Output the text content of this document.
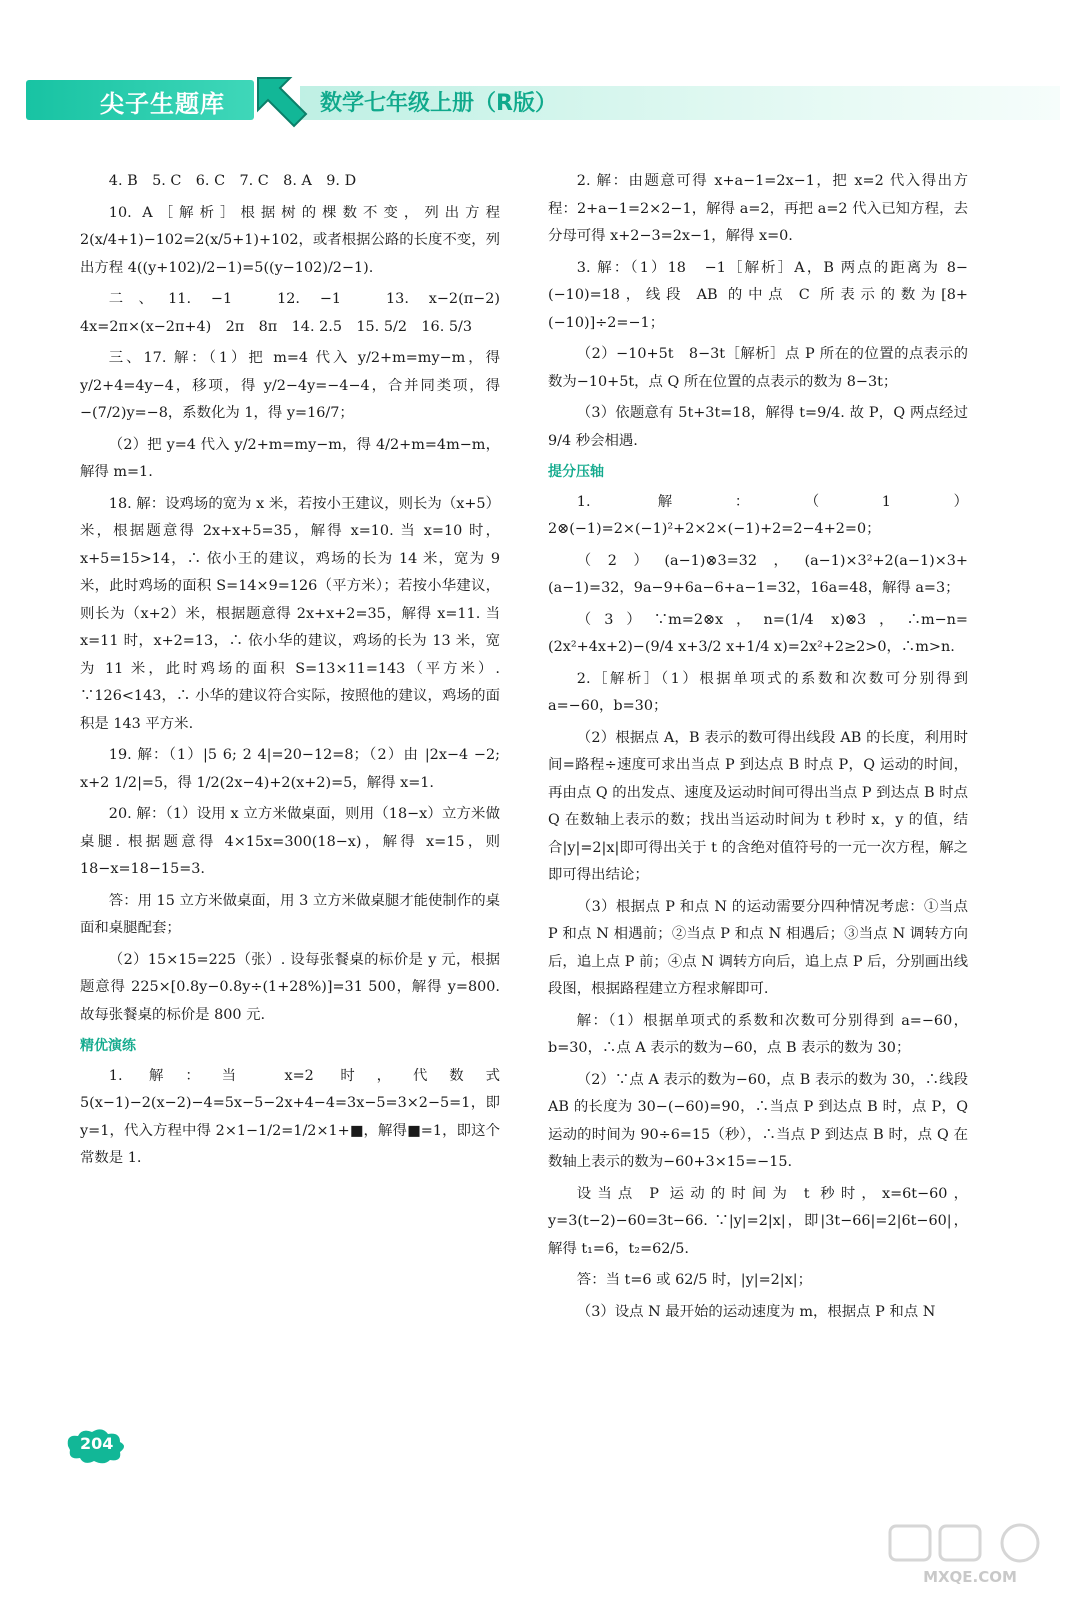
尖子生题库	数学七年级上册（R版）

4. B　5. C　6. C　7. C　8. A　9. D

10. A［解析］根据树的棵数不变，列出方程 2(x/4+1)−102=2(x/5+1)+102，或者根据公路的长度不变，列出方程 4((y+102)/2−1)=5((y−102)/2−1).

二、11. −1　12. −1　13. x−2(π−2)　4x=2π×(x−2π+4)　2π　8π　14. 2.5　15. 5/2　16. 5/3

三、17. 解：（1）把 m=4 代入 y/2+m=my−m，得 y/2+4=4y−4，移项，得 y/2−4y=−4−4，合并同类项，得 −(7/2)y=−8，系数化为 1，得 y=16/7；

（2）把 y=4 代入 y/2+m=my−m，得 4/2+m=4m−m，解得 m=1.

18. 解：设鸡场的宽为 x 米，若按小王建议，则长为（x+5）米，根据题意得 2x+x+5=35，解得 x=10. 当 x=10 时，x+5=15>14，∴ 依小王的建议，鸡场的长为 14 米，宽为 9 米，此时鸡场的面积 S=14×9=126（平方米）；若按小华建议，则长为（x+2）米，根据题意得 2x+x+2=35，解得 x=11. 当 x=11 时，x+2=13，∴ 依小华的建议，鸡场的长为 13 米，宽为 11 米，此时鸡场的面积 S=13×11=143（平方米）. ∵126<143，∴ 小华的建议符合实际，按照他的建议，鸡场的面积是 143 平方米.

19. 解：（1）|5 6; 2 4|=20−12=8；（2）由 |2x−4 −2; x+2 1/2|=5，得 1/2(2x−4)+2(x+2)=5，解得 x=1.

20. 解：（1）设用 x 立方米做桌面，则用（18−x）立方米做桌腿. 根据题意得 4×15x=300(18−x)，解得 x=15，则 18−x=18−15=3.

答：用 15 立方米做桌面，用 3 立方米做桌腿才能使制作的桌面和桌腿配套；

（2）15×15=225（张）. 设每张餐桌的标价是 y 元，根据题意得 225×[0.8y−0.8y÷(1+28%)]=31 500，解得 y=800. 故每张餐桌的标价是 800 元.

精优演练

1. 解：当 x=2 时，代数式 5(x−1)−2(x−2)−4=5x−5−2x+4−4=3x−5=3×2−5=1，即 y=1，代入方程中得 2×1−1/2=1/2×1+■，解得■=1，即这个常数是 1.

2. 解：由题意可得 x+a−1=2x−1，把 x=2 代入得出方程：2+a−1=2×2−1，解得 a=2，再把 a=2 代入已知方程，去分母可得 x+2−3=2x−1，解得 x=0.

3. 解：（1）18　−1［解析］A，B 两点的距离为 8−(−10)=18，线段 AB 的中点 C 所表示的数为[8+(−10)]÷2=−1；

（2）−10+5t　8−3t［解析］点 P 所在的位置的点表示的数为−10+5t，点 Q 所在位置的点表示的数为 8−3t；

（3）依题意有 5t+3t=18，解得 t=9/4. 故 P，Q 两点经过 9/4 秒会相遇.

提分压轴

1. 解：（1）2⊗(−1)=2×(−1)²+2×2×(−1)+2=2−4+2=0；

（2）(a−1)⊗3=32，(a−1)×3²+2(a−1)×3+(a−1)=32，9a−9+6a−6+a−1=32，16a=48，解得 a=3；

（3）∵m=2⊗x，n=(1/4 x)⊗3，∴m−n=(2x²+4x+2)−(9/4 x+3/2 x+1/4 x)=2x²+2≥2>0，∴m>n.

2.［解析］（1）根据单项式的系数和次数可分别得到 a=−60，b=30；

（2）根据点 A，B 表示的数可得出线段 AB 的长度，利用时间=路程÷速度可求出当点 P 到达点 B 时点 P，Q 运动的时间，再由点 Q 的出发点、速度及运动时间可得出当点 P 到达点 B 时点 Q 在数轴上表示的数；找出当运动时间为 t 秒时 x，y 的值，结合|y|=2|x|即可得出关于 t 的含绝对值符号的一元一次方程，解之即可得出结论；

（3）根据点 P 和点 N 的运动需要分四种情况考虑：①当点 P 和点 N 相遇前；②当点 P 和点 N 相遇后；③当点 N 调转方向后，追上点 P 前；④点 N 调转方向后，追上点 P 后，分别画出线段图，根据路程建立方程求解即可.

解：（1）根据单项式的系数和次数可分别得到 a=−60，b=30，∴点 A 表示的数为−60，点 B 表示的数为 30；

（2）∵点 A 表示的数为−60，点 B 表示的数为 30，∴线段 AB 的长度为 30−(−60)=90，∴当点 P 到达点 B 时，点 P，Q 运动的时间为 90÷6=15（秒），∴当点 P 到达点 B 时，点 Q 在数轴上表示的数为−60+3×15=−15.

设当点 P 运动的时间为 t 秒时，x=6t−60，y=3(t−2)−60=3t−66. ∵|y|=2|x|，即|3t−66|=2|6t−60|，解得 t₁=6，t₂=62/5.

答：当 t=6 或 62/5 时，|y|=2|x|；

（3）设点 N 最开始的运动速度为 m，根据点 P 和点 N

204
MXQE.COM
